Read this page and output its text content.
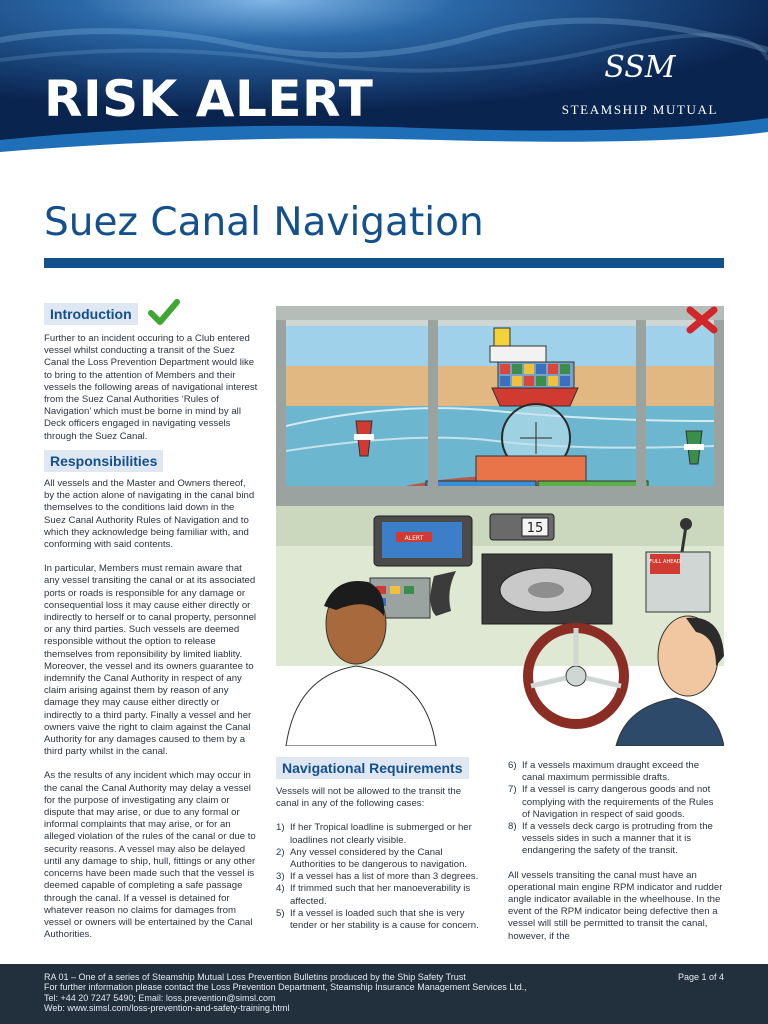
RISK ALERT
SSM
STEAMSHIP MUTUAL
Suez Canal Navigation
Introduction

Further to an incident occuring to a Club entered vessel whilst conducting a transit of the Suez Canal the Loss Prevention Department would like to bring to the attention of Members and their vessels the following areas of navigational interest from the Suez Canal Authorities ‘Rules of Navigation’ which must be borne in mind by all Deck officers engaged in navigating vessels through the Suez Canal.

Responsibilities

All vessels and the Master and Owners thereof, by the action alone of navigating in the canal bind themselves to the conditions laid down in the Suez Canal Authority Rules of Navigation and to which they acknowledge being familiar with, and conforming with said contents.

In particular, Members must remain aware that any vessel transiting the canal or at its associated ports or roads is responsible for any damage or consequential loss it may cause either directly or indirectly to herself or to canal property, personnel or any third parties. Such vessels are deemed responsible without the option to release themselves from reponsibility by limited liablity. Moreover, the vessel and its owners guarantee to indemnify the Canal Authority in respect of any claim arising against them by reason of any damage they may cause either directly or indirectly to a third party. Finally a vessel and her owners vaive the right to claim against the Canal Authority for any damages caused to them by a third party whilst in the canal.

As the results of any incident which may occur in the canal the Canal Authority may delay a vessel for the purpose of investigating any claim or dispute that may arise, or due to any formal or informal complaints that may arise, or for an alleged violation of the rules of the canal or due to security reasons. A vessel may also be delayed until any damage to ship, hull, fittings or any other concerns have been made such that the vessel is deemed capable of completing a safe passage through the canal. If a vessel is detained for whatever reason no claims for damages from vessel or owners will be entertained by the Canal Authorities.

ALERT
15
FULL AHEAD
Navigational Requirements

Vessels will not be allowed to the transit the canal in any of the following cases:

1) If her Tropical loadline is submerged or her loadlines not clearly visible.
2) Any vessel considered by the Canal Authorities to be dangerous to navigation.
3) If a vessel has a list of more than 3 degrees.
4) If trimmed such that her manoeverability is affected.
5) If a vessel is loaded such that she is very tender or her stability is a cause for concern.
6) If a vessels maximum draught exceed the canal maximum permissible drafts.
7) If a vessel is carry dangerous goods and not complying with the requirements of the Rules of Navigation in respect of said goods.
8) If a vessels deck cargo is protruding from the vessels sides in such a manner that it is endangering the safety of the transit.

All vessels transiting the canal must have an operational main engine RPM indicator and rudder angle indicator available in the wheelhouse. In the event of the RPM indicator being defective then a vessel will still be permitted to transit the canal, however, if the

RA 01 – One of a series of Steamship Mutual Loss Prevention Bulletins produced by the Ship Safety Trust
For further information please contact the Loss Prevention Department, Steamship Insurance Management Services Ltd.,
Tel: +44 20 7247 5490; Email: loss.prevention@simsl.com
Web: www.simsl.com/loss-prevention-and-safety-training.html
Page 1 of 4
